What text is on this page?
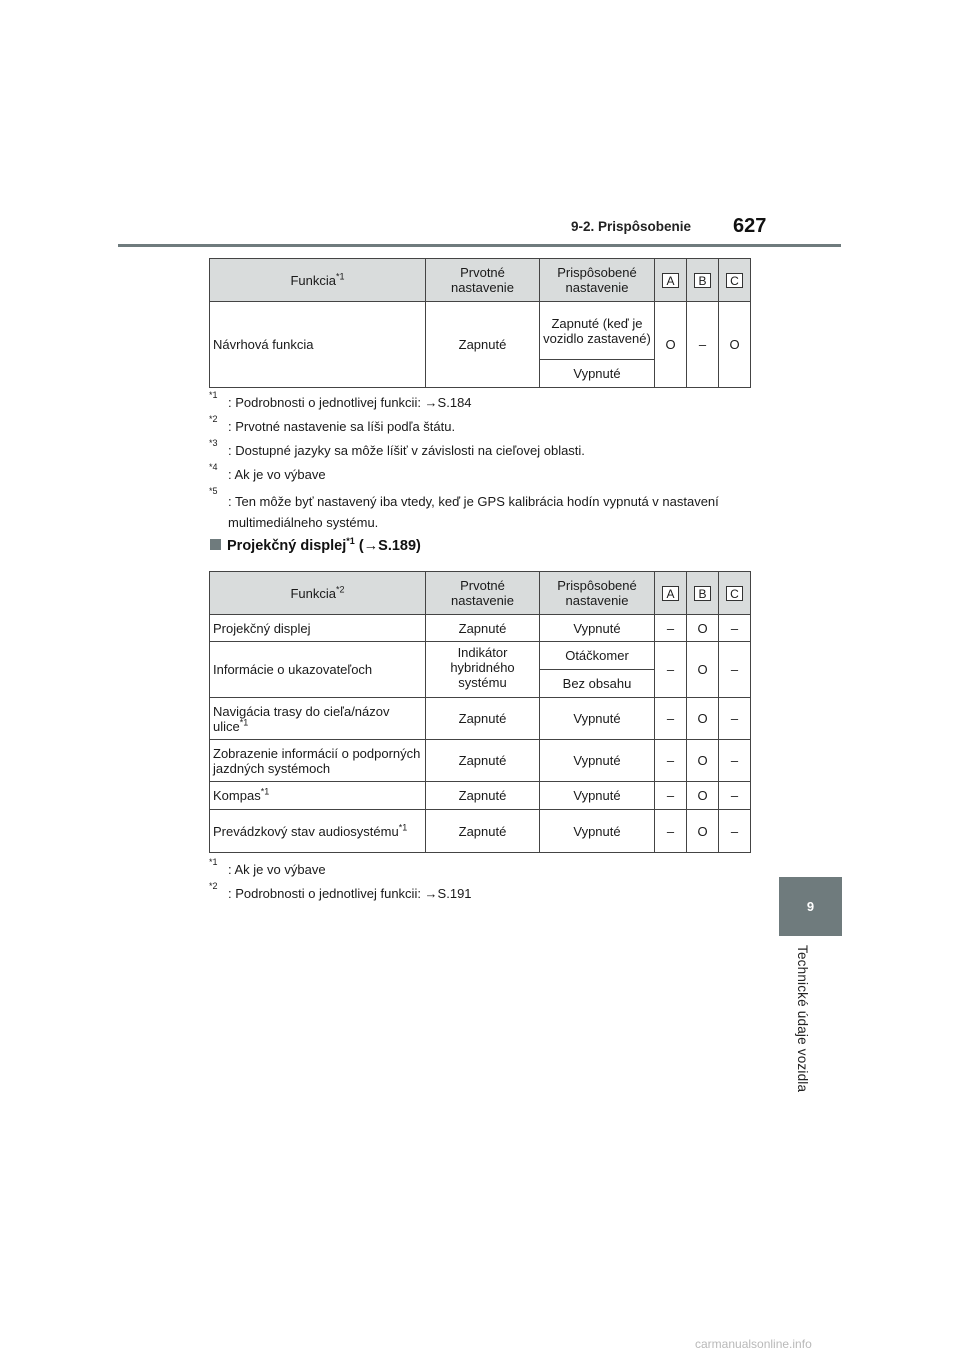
9-2. Prispôsobenie 627
9
Technické údaje vozidla
Funkcia$^{*1}$	Prvotné nastavenie	Prispôsobené nastavenie	A	B	C
Návrhová funkcia	Zapnuté	Zapnuté (keď je vozidlo zastavené)	O	–	O
		Vypnuté			

*1 : Podrobnosti o jednotlivej funkcii: →S.184

*2 : Prvotné nastavenie sa líši podľa štátu.

*3 : Dostupné jazyky sa môže líšiť v závislosti na cieľovej oblasti.

*4 : Ak je vo výbave

*5
: Ten môže byť nastavený iba vtedy, keď je GPS kalibrácia hodín vypnutá v nastavení multimediálneho systému.

Projekčný displej$^{*1}$ (→S.189)
Funkcia$^{*2}$	Prvotné nastavenie	Prispôsobené nastavenie	A	B	C
Projekčný displej	Zapnuté	Vypnuté	–	O	–
Informácie o ukazovateľoch	Indikátor hybridného systému	Otáčkomer	–	O	–
		Bez obsahu			
Navigácia trasy do cieľa/názov ulice$^{*1}$	Zapnuté	Vypnuté	–	O	–
Zobrazenie informácií o podporných jazdných systémoch	Zapnuté	Vypnuté	–	O	–
Kompas$^{*1}$	Zapnuté	Vypnuté	–	O	–
Prevádzkový stav audiosystému$^{*1}$	Zapnuté	Vypnuté	–	O	–

*1 : Ak je vo výbave

*2 : Podrobnosti o jednotlivej funkcii: →S.191

carmanualsonline.info
